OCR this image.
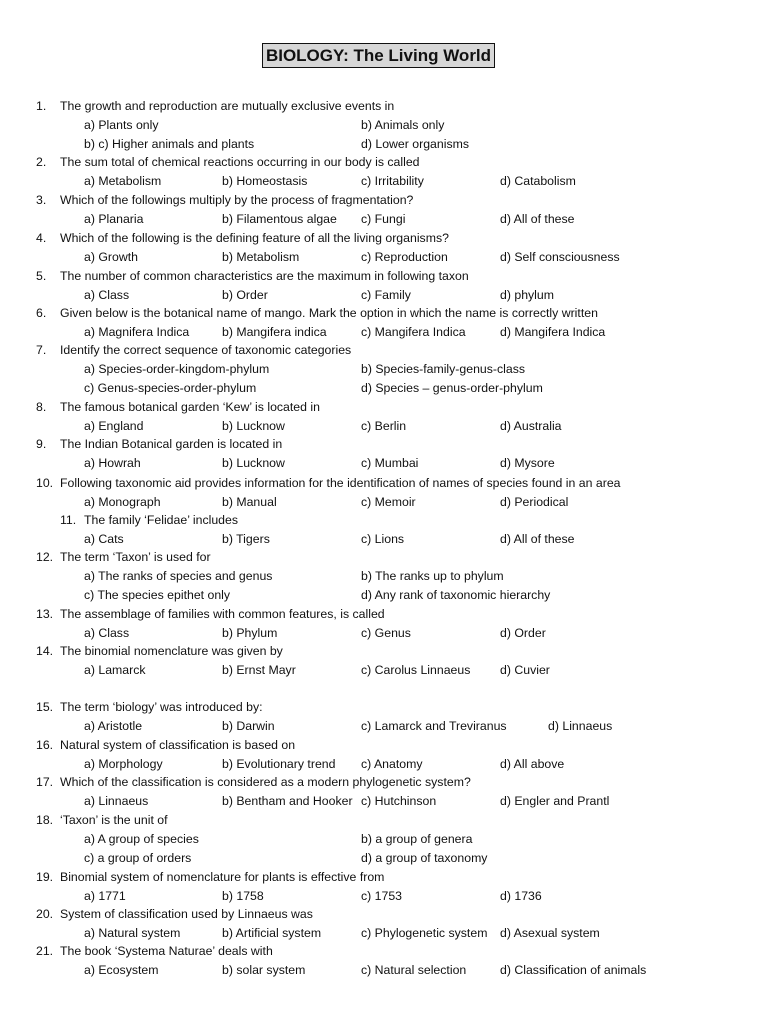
BIOLOGY: The Living World
1. The growth and reproduction are mutually exclusive events in
a) Plants only	b) Animals only
b) c) Higher animals and plants	d) Lower organisms
2. The sum total of chemical reactions occurring in our body is called
a) Metabolism	b) Homeostasis	c) Irritability	d) Catabolism
3. Which of the followings multiply by the process of fragmentation?
a) Planaria	b) Filamentous algae c) Fungi	d) All of these
4. Which of the following is the defining feature of all the living organisms?
a) Growth	b) Metabolism	c) Reproduction	d) Self consciousness
5. The number of common characteristics are the maximum in following taxon
a) Class	b) Order	c) Family	d) phylum
6. Given below is the botanical name of mango. Mark the option in which the name is correctly written
a) Magnifera Indica	b) Mangifera indica	c) Mangifera Indica	d) Mangifera Indica
7. Identify the correct sequence of taxonomic categories
a) Species-order-kingdom-phylum	b) Species-family-genus-class
c) Genus-species-order-phylum	d) Species – genus-order-phylum
8. The famous botanical garden ‘Kew’ is located in
a) England	b) Lucknow	c) Berlin	d) Australia
9. The Indian Botanical garden is located in
a) Howrah	b) Lucknow	c) Mumbai	d) Mysore
10. Following taxonomic aid provides information for the identification of names of species found in an area
a) Monograph	b) Manual	c) Memoir	d) Periodical
11. The family ‘Felidae’ includes
a) Cats	b) Tigers	c) Lions	d) All of these
12. The term ‘Taxon’ is used for
a) The ranks of species and genus	b) The ranks up to phylum
c) The species epithet only	d) Any rank of taxonomic hierarchy
13. The assemblage of families with common features, is called
a) Class	b) Phylum	c) Genus	d) Order
14. The binomial nomenclature was given by
a) Lamarck	b) Ernst Mayr	c) Carolus Linnaeus d) Cuvier
15. The term ‘biology’ was introduced by:
a) Aristotle	b) Darwin	c) Lamarck and Treviranus	d) Linnaeus
16. Natural system of classification is based on
a) Morphology	b) Evolutionary trend c) Anatomy	d) All above
17. Which of the classification is considered as a modern phylogenetic system?
a) Linnaeus	b) Bentham and Hooker c) Hutchinson	d) Engler and Prantl
18. ‘Taxon’ is the unit of
a) A group of species	b) a group of genera
c) a group of orders	d) a group of taxonomy
19. Binomial system of nomenclature for plants is effective from
a) 1771	b) 1758	c) 1753	d) 1736
20. System of classification used by Linnaeus was
a) Natural system	b) Artificial system	c) Phylogenetic system d) Asexual system
21. The book ‘Systema Naturae’ deals with
a) Ecosystem	b) solar system	c) Natural selection	d) Classification of animals
